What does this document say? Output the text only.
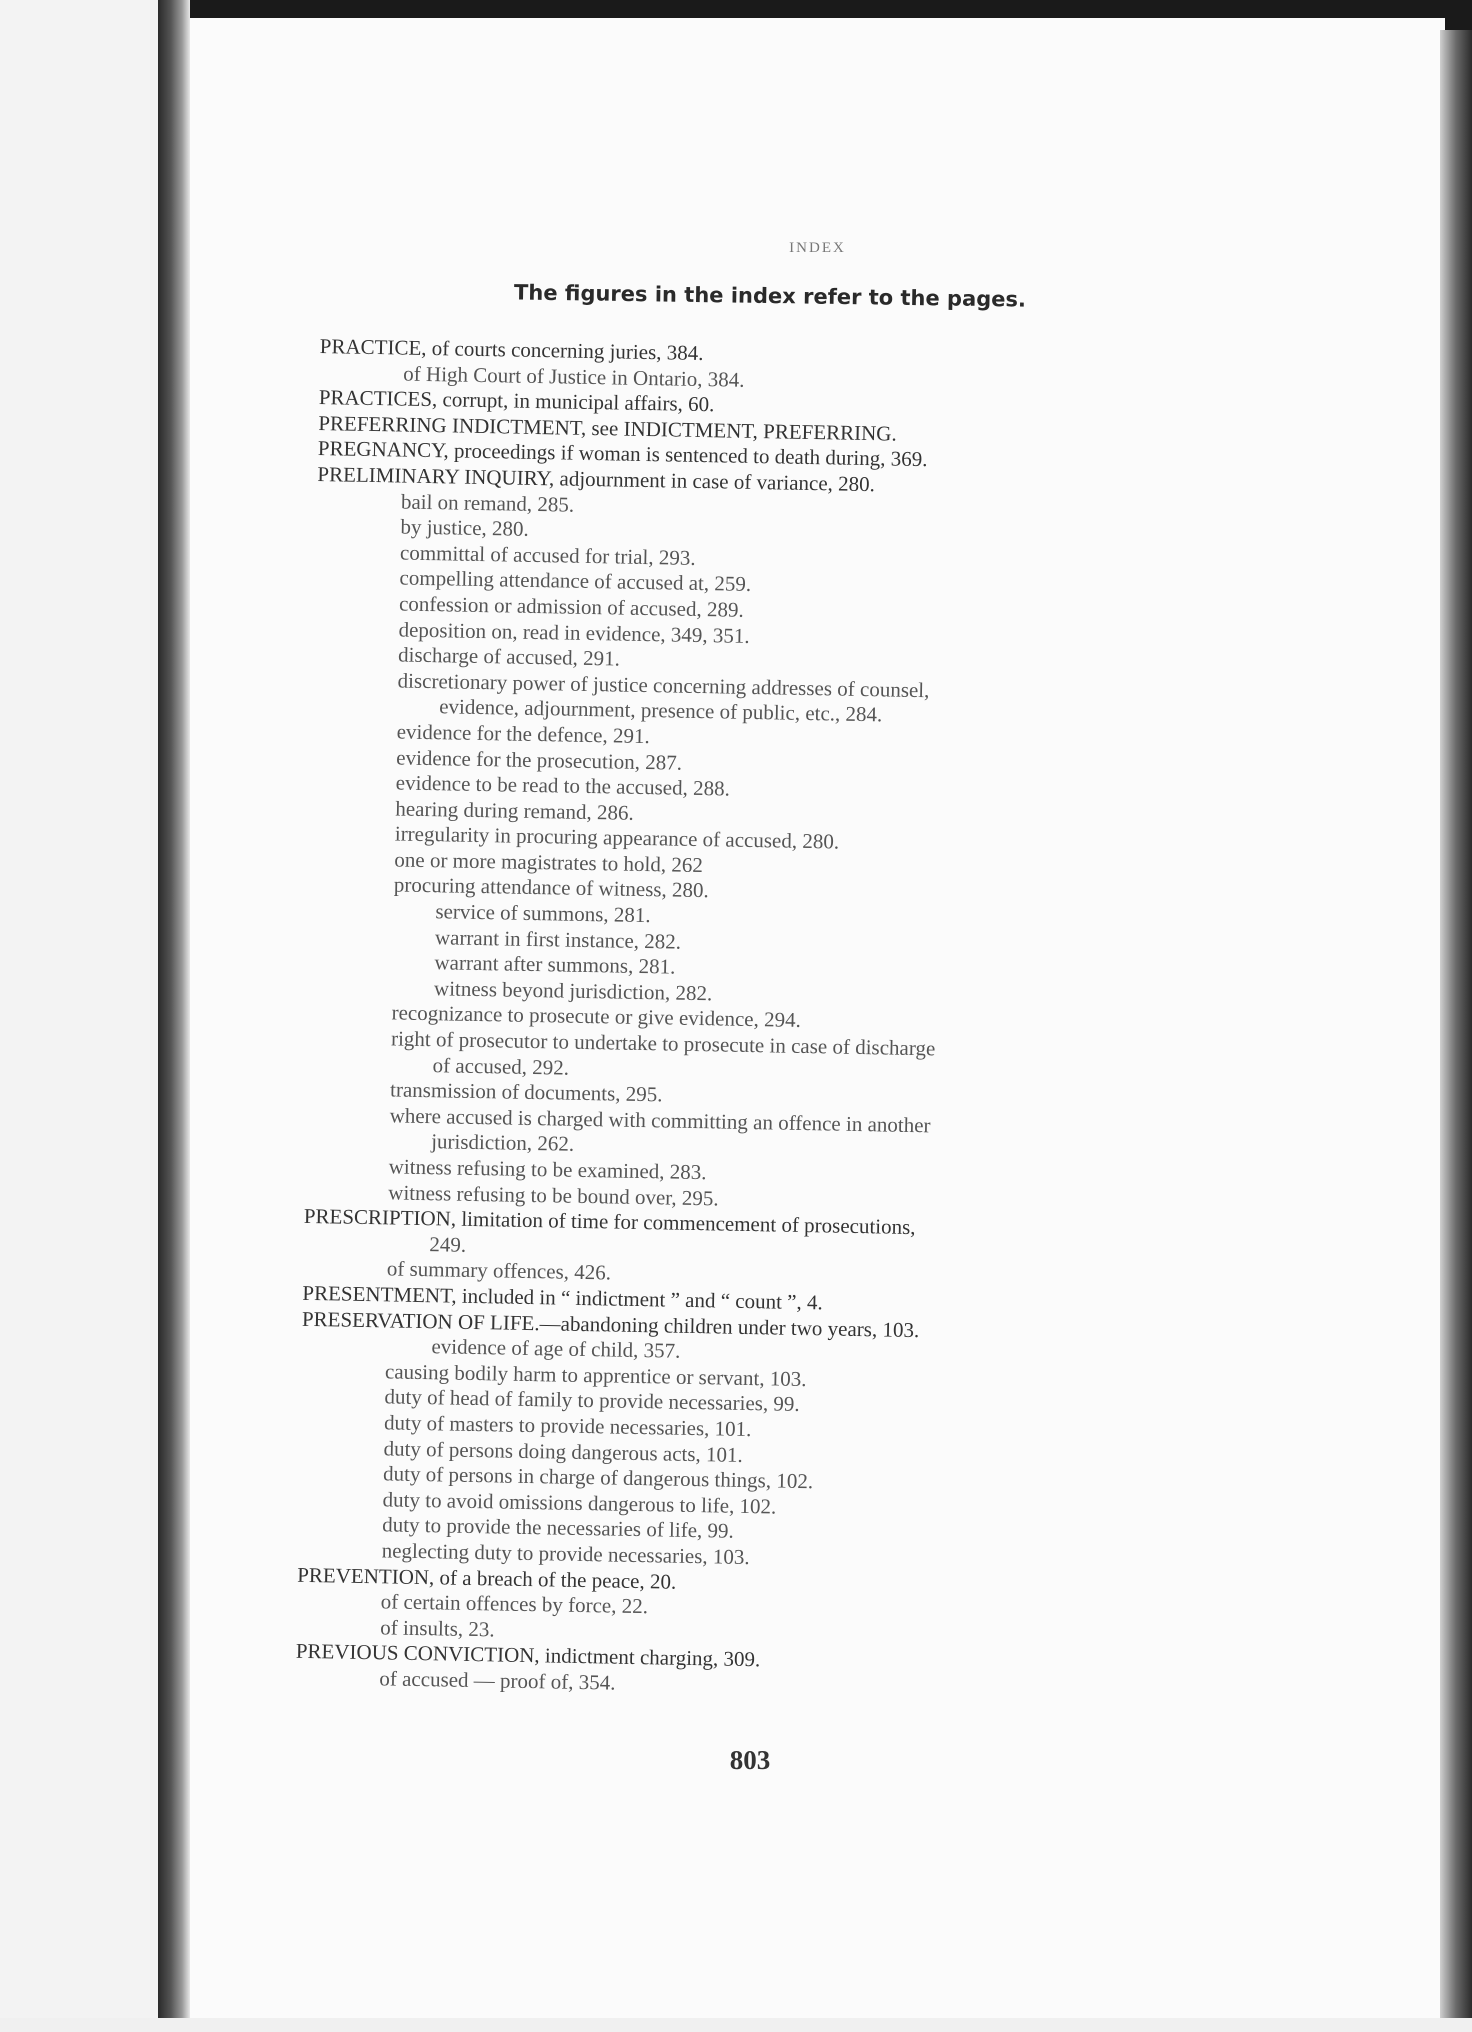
INDEX
The figures in the index refer to the pages.
PRACTICE, of courts concerning juries, 384.
of High Court of Justice in Ontario, 384.
PRACTICES, corrupt, in municipal affairs, 60.
PREFERRING INDICTMENT, see INDICTMENT, PREFERRING.
PREGNANCY, proceedings if woman is sentenced to death during, 369.
PRELIMINARY INQUIRY, adjournment in case of variance, 280.
bail on remand, 285.
by justice, 280.
committal of accused for trial, 293.
compelling attendance of accused at, 259.
confession or admission of accused, 289.
deposition on, read in evidence, 349, 351.
discharge of accused, 291.
discretionary power of justice concerning addresses of counsel,
evidence, adjournment, presence of public, etc., 284.
evidence for the defence, 291.
evidence for the prosecution, 287.
evidence to be read to the accused, 288.
hearing during remand, 286.
irregularity in procuring appearance of accused, 280.
one or more magistrates to hold, 262
procuring attendance of witness, 280.
service of summons, 281.
warrant in first instance, 282.
warrant after summons, 281.
witness beyond jurisdiction, 282.
recognizance to prosecute or give evidence, 294.
right of prosecutor to undertake to prosecute in case of discharge
of accused, 292.
transmission of documents, 295.
where accused is charged with committing an offence in another
jurisdiction, 262.
witness refusing to be examined, 283.
witness refusing to be bound over, 295.
PRESCRIPTION, limitation of time for commencement of prosecutions,
249.
of summary offences, 426.
PRESENTMENT, included in “ indictment ” and “ count ”, 4.
PRESERVATION OF LIFE.—abandoning children under two years, 103.
evidence of age of child, 357.
causing bodily harm to apprentice or servant, 103.
duty of head of family to provide necessaries, 99.
duty of masters to provide necessaries, 101.
duty of persons doing dangerous acts, 101.
duty of persons in charge of dangerous things, 102.
duty to avoid omissions dangerous to life, 102.
duty to provide the necessaries of life, 99.
neglecting duty to provide necessaries, 103.
PREVENTION, of a breach of the peace, 20.
of certain offences by force, 22.
of insults, 23.
PREVIOUS CONVICTION, indictment charging, 309.
of accused — proof of, 354.
803
